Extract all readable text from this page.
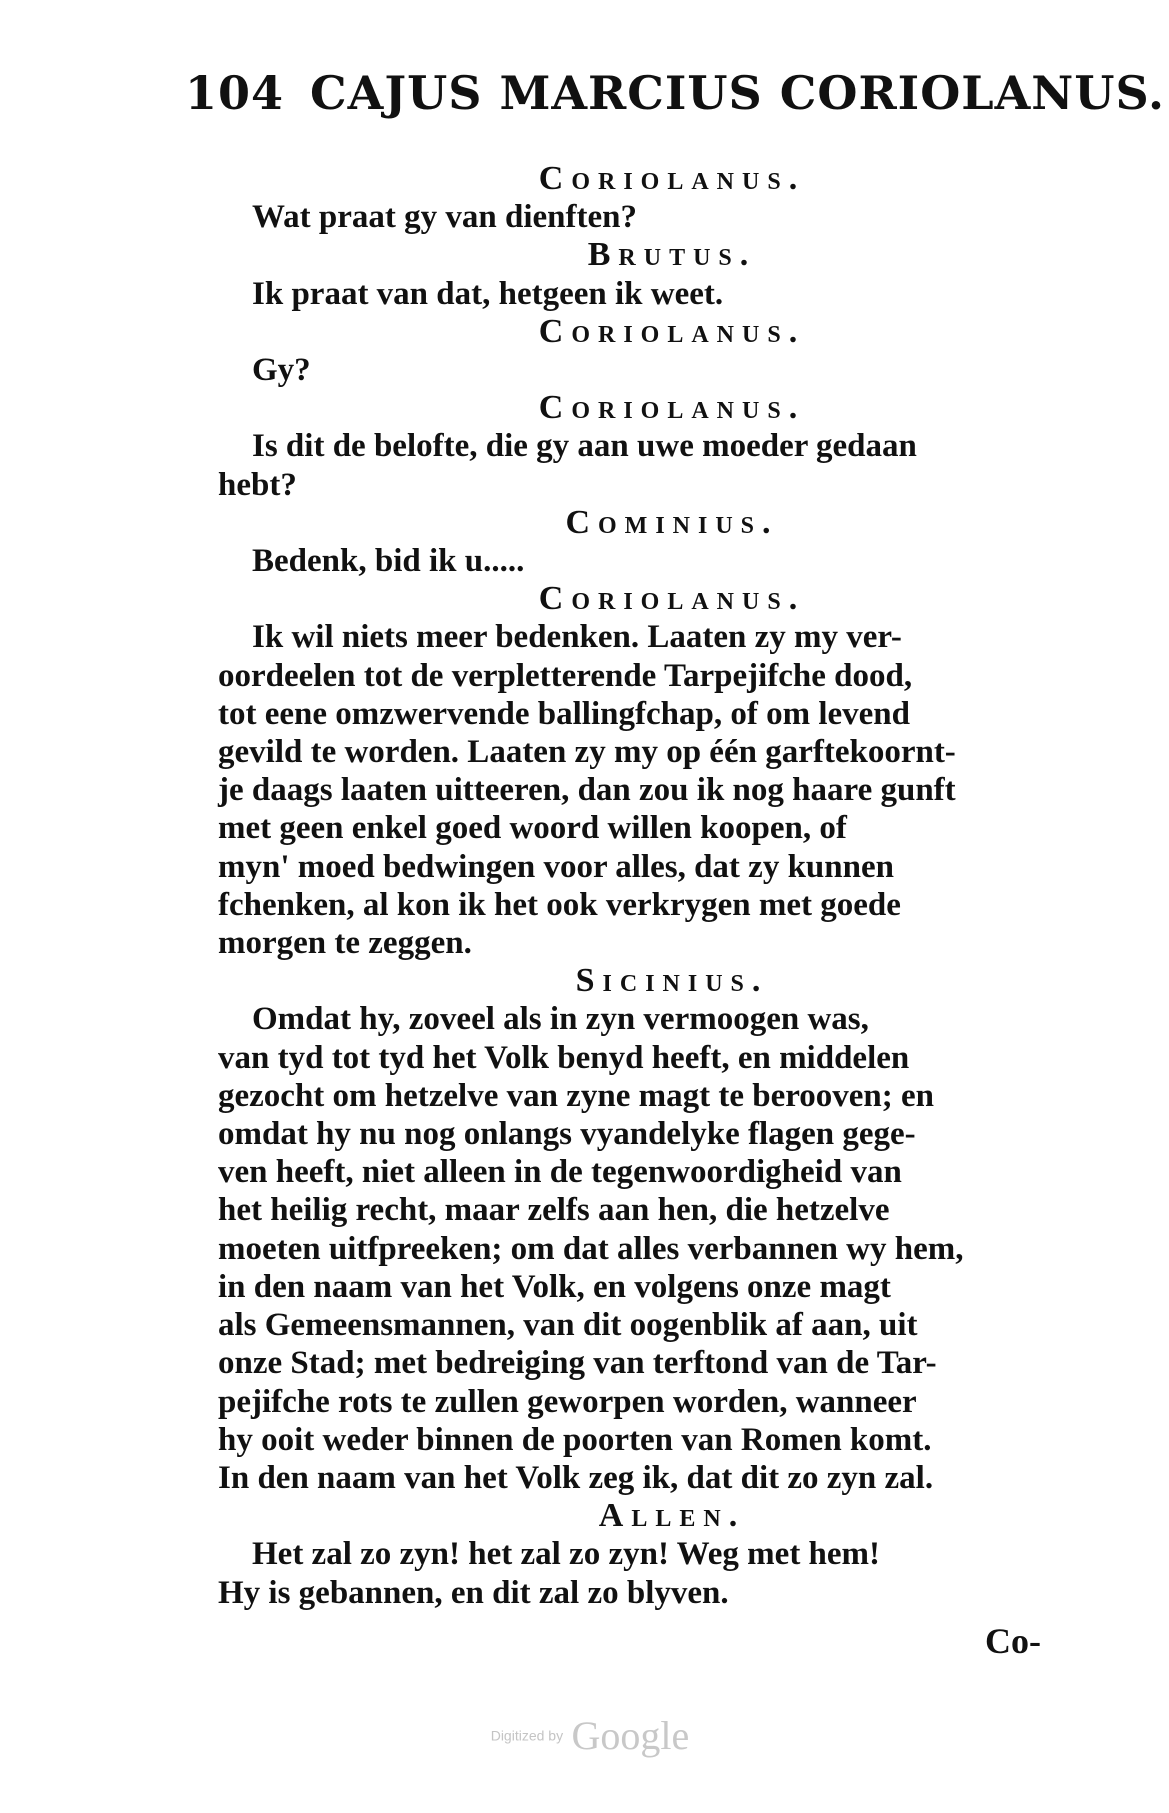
104 CAJUS MARCIUS CORIOLANUS.
Coriolanus.
Wat praat gy van dienften?
Brutus.
Ik praat van dat, hetgeen ik weet.
Coriolanus.
Gy?
Coriolanus.
Is dit de belofte, die gy aan uwe moeder gedaan
hebt?
Cominius.
Bedenk, bid ik u.....
Coriolanus.
Ik wil niets meer bedenken. Laaten zy my ver-
oordeelen tot de verpletterende Tarpejifche dood,
tot eene omzwervende ballingfchap, of om levend
gevild te worden. Laaten zy my op één garftekoornt-
je daags laaten uitteeren, dan zou ik nog haare gunft
met geen enkel goed woord willen koopen, of
myn' moed bedwingen voor alles, dat zy kunnen
fchenken, al kon ik het ook verkrygen met goede
morgen te zeggen.
Sicinius.
Omdat hy, zoveel als in zyn vermoogen was,
van tyd tot tyd het Volk benyd heeft, en middelen
gezocht om hetzelve van zyne magt te berooven; en
omdat hy nu nog onlangs vyandelyke flagen gege-
ven heeft, niet alleen in de tegenwoordigheid van
het heilig recht, maar zelfs aan hen, die hetzelve
moeten uitfpreeken; om dat alles verbannen wy hem,
in den naam van het Volk, en volgens onze magt
als Gemeensmannen, van dit oogenblik af aan, uit
onze Stad; met bedreiging van terftond van de Tar-
pejifche rots te zullen geworpen worden, wanneer
hy ooit weder binnen de poorten van Romen komt.
In den naam van het Volk zeg ik, dat dit zo zyn zal.
Allen.
Het zal zo zyn! het zal zo zyn! Weg met hem!
Hy is gebannen, en dit zal zo blyven.
Co-
Digitized by Google
